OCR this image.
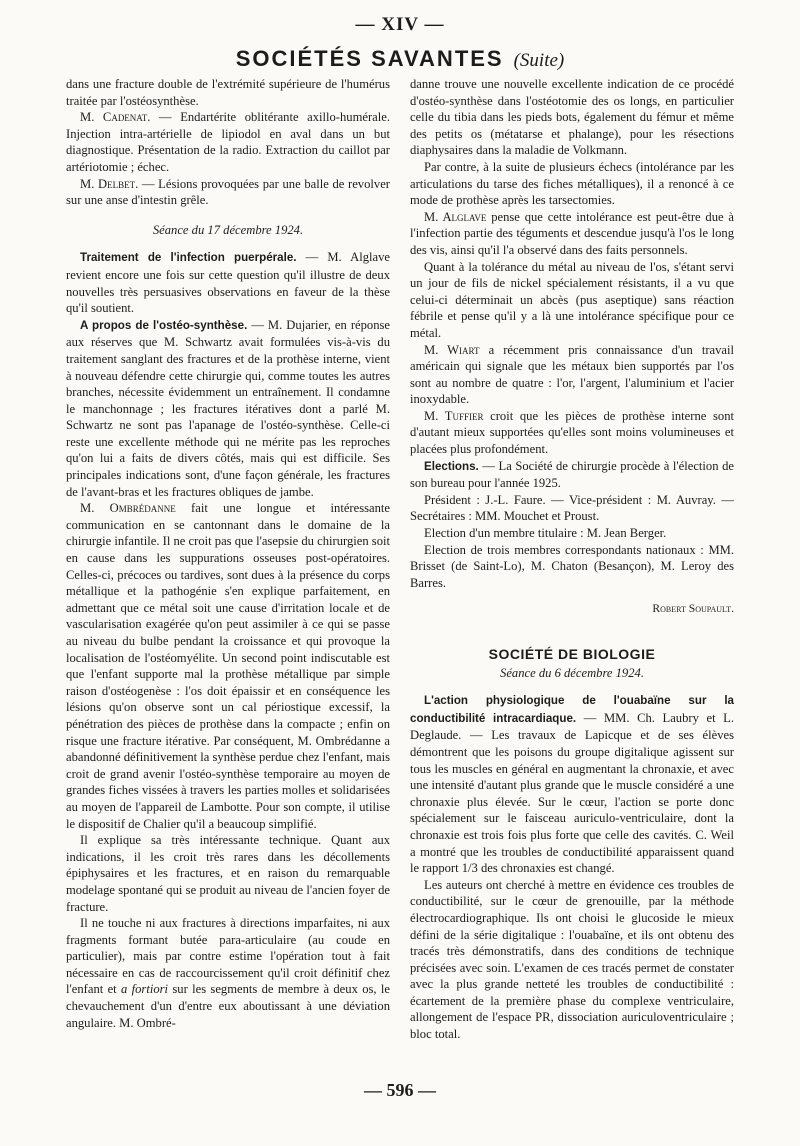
— XIV —
SOCIÉTÉS SAVANTES (Suite)

dans une fracture double de l'extrémité supérieure de l'humérus traitée par l'ostéosynthèse.

M. Cadenat. — Endartérite oblitérante axillo-humérale. Injection intra-artérielle de lipiodol en aval dans un but diagnostique. Présentation de la radio. Extraction du caillot par artériotomie ; échec.

M. Delbet. — Lésions provoquées par une balle de revolver sur une anse d'intestin grêle.

Séance du 17 décembre 1924.

Traitement de l'infection puerpérale. — M. Alglave revient encore une fois sur cette question qu'il illustre de deux nouvelles très persuasives observations en faveur de la thèse qu'il soutient.

A propos de l'ostéo-synthèse. — M. Dujarier, en réponse aux réserves que M. Schwartz avait formulées vis-à-vis du traitement sanglant des fractures et de la prothèse interne, vient à nouveau défendre cette chirurgie qui, comme toutes les autres branches, nécessite évidemment un entraînement. Il condamne le manchonnage ; les fractures itératives dont a parlé M. Schwartz ne sont pas l'apanage de l'ostéo-synthèse. Celle-ci reste une excellente méthode qui ne mérite pas les reproches qu'on lui a faits de divers côtés, mais qui est difficile. Ses principales indications sont, d'une façon générale, les fractures de l'avant-bras et les fractures obliques de jambe.

M. Ombrédanne fait une longue et intéressante communication en se cantonnant dans le domaine de la chirurgie infantile. Il ne croit pas que l'asepsie du chirurgien soit en cause dans les suppurations osseuses post-opératoires. Celles-ci, précoces ou tardives, sont dues à la présence du corps métallique et la pathogénie s'en explique parfaitement, en admettant que ce métal soit une cause d'irritation locale et de vascularisation exagérée qu'on peut assimiler à ce qui se passe au niveau du bulbe pendant la croissance et qui provoque la localisation de l'ostéomyélite. Un second point indiscutable est que l'enfant supporte mal la prothèse métallique par simple raison d'ostéogenèse : l'os doit épaissir et en conséquence les lésions qu'on observe sont un cal périostique excessif, la pénétration des pièces de prothèse dans la compacte ; enfin on risque une fracture itérative. Par conséquent, M. Ombrédanne a abandonné définitivement la synthèse perdue chez l'enfant, mais croit de grand avenir l'ostéo-synthèse temporaire au moyen de grandes fiches vissées à travers les parties molles et solidarisées au moyen de l'appareil de Lambotte. Pour son compte, il utilise le dispositif de Chalier qu'il a beaucoup simplifié.

Il explique sa très intéressante technique. Quant aux indications, il les croit très rares dans les décollements épiphysaires et les fractures, et en raison du remarquable modelage spontané qui se produit au niveau de l'ancien foyer de fracture.

Il ne touche ni aux fractures à directions imparfaites, ni aux fragments formant butée para-articulaire (au coude en particulier), mais par contre estime l'opération tout à fait nécessaire en cas de raccourcissement qu'il croit définitif chez l'enfant et a fortiori sur les segments de membre à deux os, le chevauchement d'un d'entre eux aboutissant à une déviation angulaire. M. Ombré-

danne trouve une nouvelle excellente indication de ce procédé d'ostéo-synthèse dans l'ostéotomie des os longs, en particulier celle du tibia dans les pieds bots, également du fémur et même des petits os (métatarse et phalange), pour les résections diaphysaires dans la maladie de Volkmann.

Par contre, à la suite de plusieurs échecs (intolérance par les articulations du tarse des fiches métalliques), il a renoncé à ce mode de prothèse après les tarsectomies.

M. Alglave pense que cette intolérance est peut-être due à l'infection partie des téguments et descendue jusqu'à l'os le long des vis, ainsi qu'il l'a observé dans des faits personnels.

Quant à la tolérance du métal au niveau de l'os, s'étant servi un jour de fils de nickel spécialement résistants, il a vu que celui-ci déterminait un abcès (pus aseptique) sans réaction fébrile et pense qu'il y a là une intolérance spécifique pour ce métal.

M. Wiart a récemment pris connaissance d'un travail américain qui signale que les métaux bien supportés par l'os sont au nombre de quatre : l'or, l'argent, l'aluminium et l'acier inoxydable.

M. Tuffier croit que les pièces de prothèse interne sont d'autant mieux supportées qu'elles sont moins volumineuses et placées plus profondément.

Elections. — La Société de chirurgie procède à l'élection de son bureau pour l'année 1925.

Président : J.-L. Faure. — Vice-président : M. Auvray. — Secrétaires : MM. Mouchet et Proust.

Election d'un membre titulaire : M. Jean Berger.

Election de trois membres correspondants nationaux : MM. Brisset (de Saint-Lo), M. Chaton (Besançon), M. Leroy des Barres.

Robert Soupault.
SOCIÉTÉ DE BIOLOGIE
Séance du 6 décembre 1924.

L'action physiologique de l'ouabaïne sur la conductibilité intracardiaque. — MM. Ch. Laubry et L. Deglaude. — Les travaux de Lapicque et de ses élèves démontrent que les poisons du groupe digitalique agissent sur tous les muscles en général en augmentant la chronaxie, et avec une intensité d'autant plus grande que le muscle considéré a une chronaxie plus élevée. Sur le cœur, l'action se porte donc spécialement sur le faisceau auriculo-ventriculaire, dont la chronaxie est trois fois plus forte que celle des cavités. C. Weil a montré que les troubles de conductibilité apparaissent quand le rapport 1/3 des chronaxies est changé.

Les auteurs ont cherché à mettre en évidence ces troubles de conductibilité, sur le cœur de grenouille, par la méthode électrocardiographique. Ils ont choisi le glucoside le mieux défini de la série digitalique : l'ouabaïne, et ils ont obtenu des tracés très démonstratifs, dans des conditions de technique précisées avec soin. L'examen de ces tracés permet de constater avec la plus grande netteté les troubles de conductibilité : écartement de la première phase du complexe ventriculaire, allongement de l'espace PR, dissociation auriculoventriculaire ; bloc total.

— 596 —
